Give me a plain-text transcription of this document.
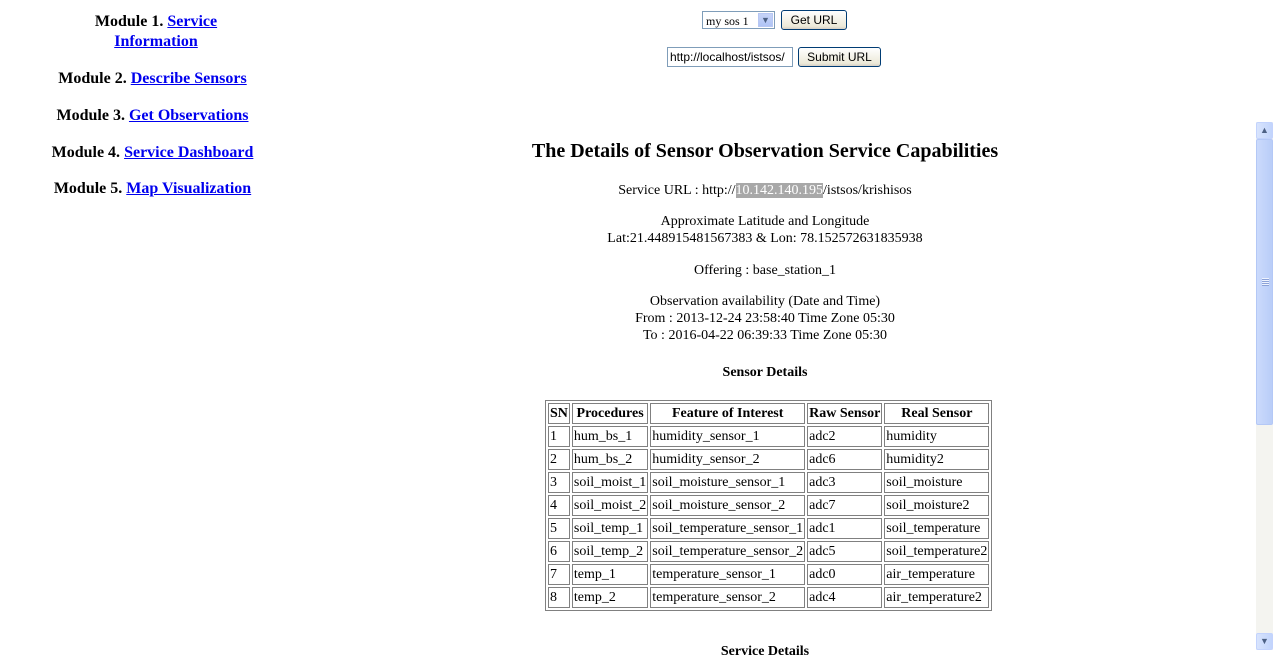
Module 1. Service
Information
Module 2. Describe Sensors
Module 3. Get Observations
Module 4. Service Dashboard
Module 5. Map Visualization
my sos 1 ▼	Get URL
http://localhost/istsos/	Submit URL
The Details of Sensor Observation Service Capabilities
Service URL : http://10.142.140.195/istsos/krishisos
Approximate Latitude and Longitude
Lat:21.448915481567383 & Lon: 78.152572631835938
Offering : base_station_1
Observation availability (Date and Time)
From : 2013-12-24 23:58:40 Time Zone 05:30
To : 2016-04-22 06:39:33 Time Zone 05:30
Sensor Details
SN	Procedures	Feature of Interest	Raw Sensor	Real Sensor
1	hum_bs_1	humidity_sensor_1	adc2	humidity
2	hum_bs_2	humidity_sensor_2	adc6	humidity2
3	soil_moist_1	soil_moisture_sensor_1	adc3	soil_moisture
4	soil_moist_2	soil_moisture_sensor_2	adc7	soil_moisture2
5	soil_temp_1	soil_temperature_sensor_1	adc1	soil_temperature
6	soil_temp_2	soil_temperature_sensor_2	adc5	soil_temperature2
7	temp_1	temperature_sensor_1	adc0	air_temperature
8	temp_2	temperature_sensor_2	adc4	air_temperature2
Service Details
▲
▼
